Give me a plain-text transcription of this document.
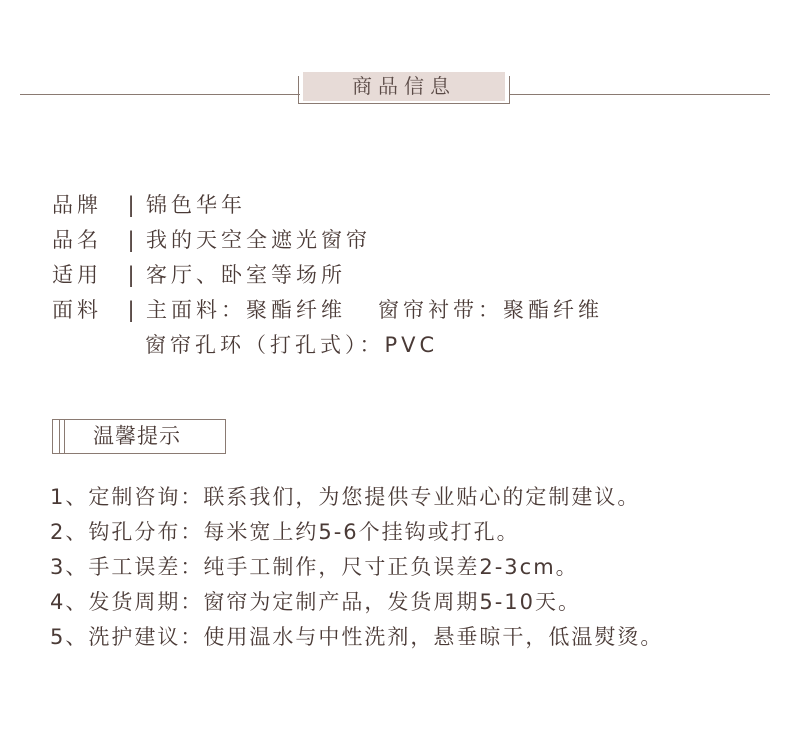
商品信息
品牌 | 锦色华年
品名 | 我的天空全遮光窗帘
适用 | 客厅、卧室等场所
面料 | 主面料：聚酯纤维   窗帘衬带：聚酯纤维
窗帘孔环（打孔式）：PVC
温馨提示
1、定制咨询：联系我们，为您提供专业贴心的定制建议。
2、钩孔分布：每米宽上约5-6个挂钩或打孔。
3、手工误差：纯手工制作，尺寸正负误差2-3cm。
4、发货周期：窗帘为定制产品，发货周期5-10天。
5、洗护建议：使用温水与中性洗剂，悬垂晾干，低温熨烫。
